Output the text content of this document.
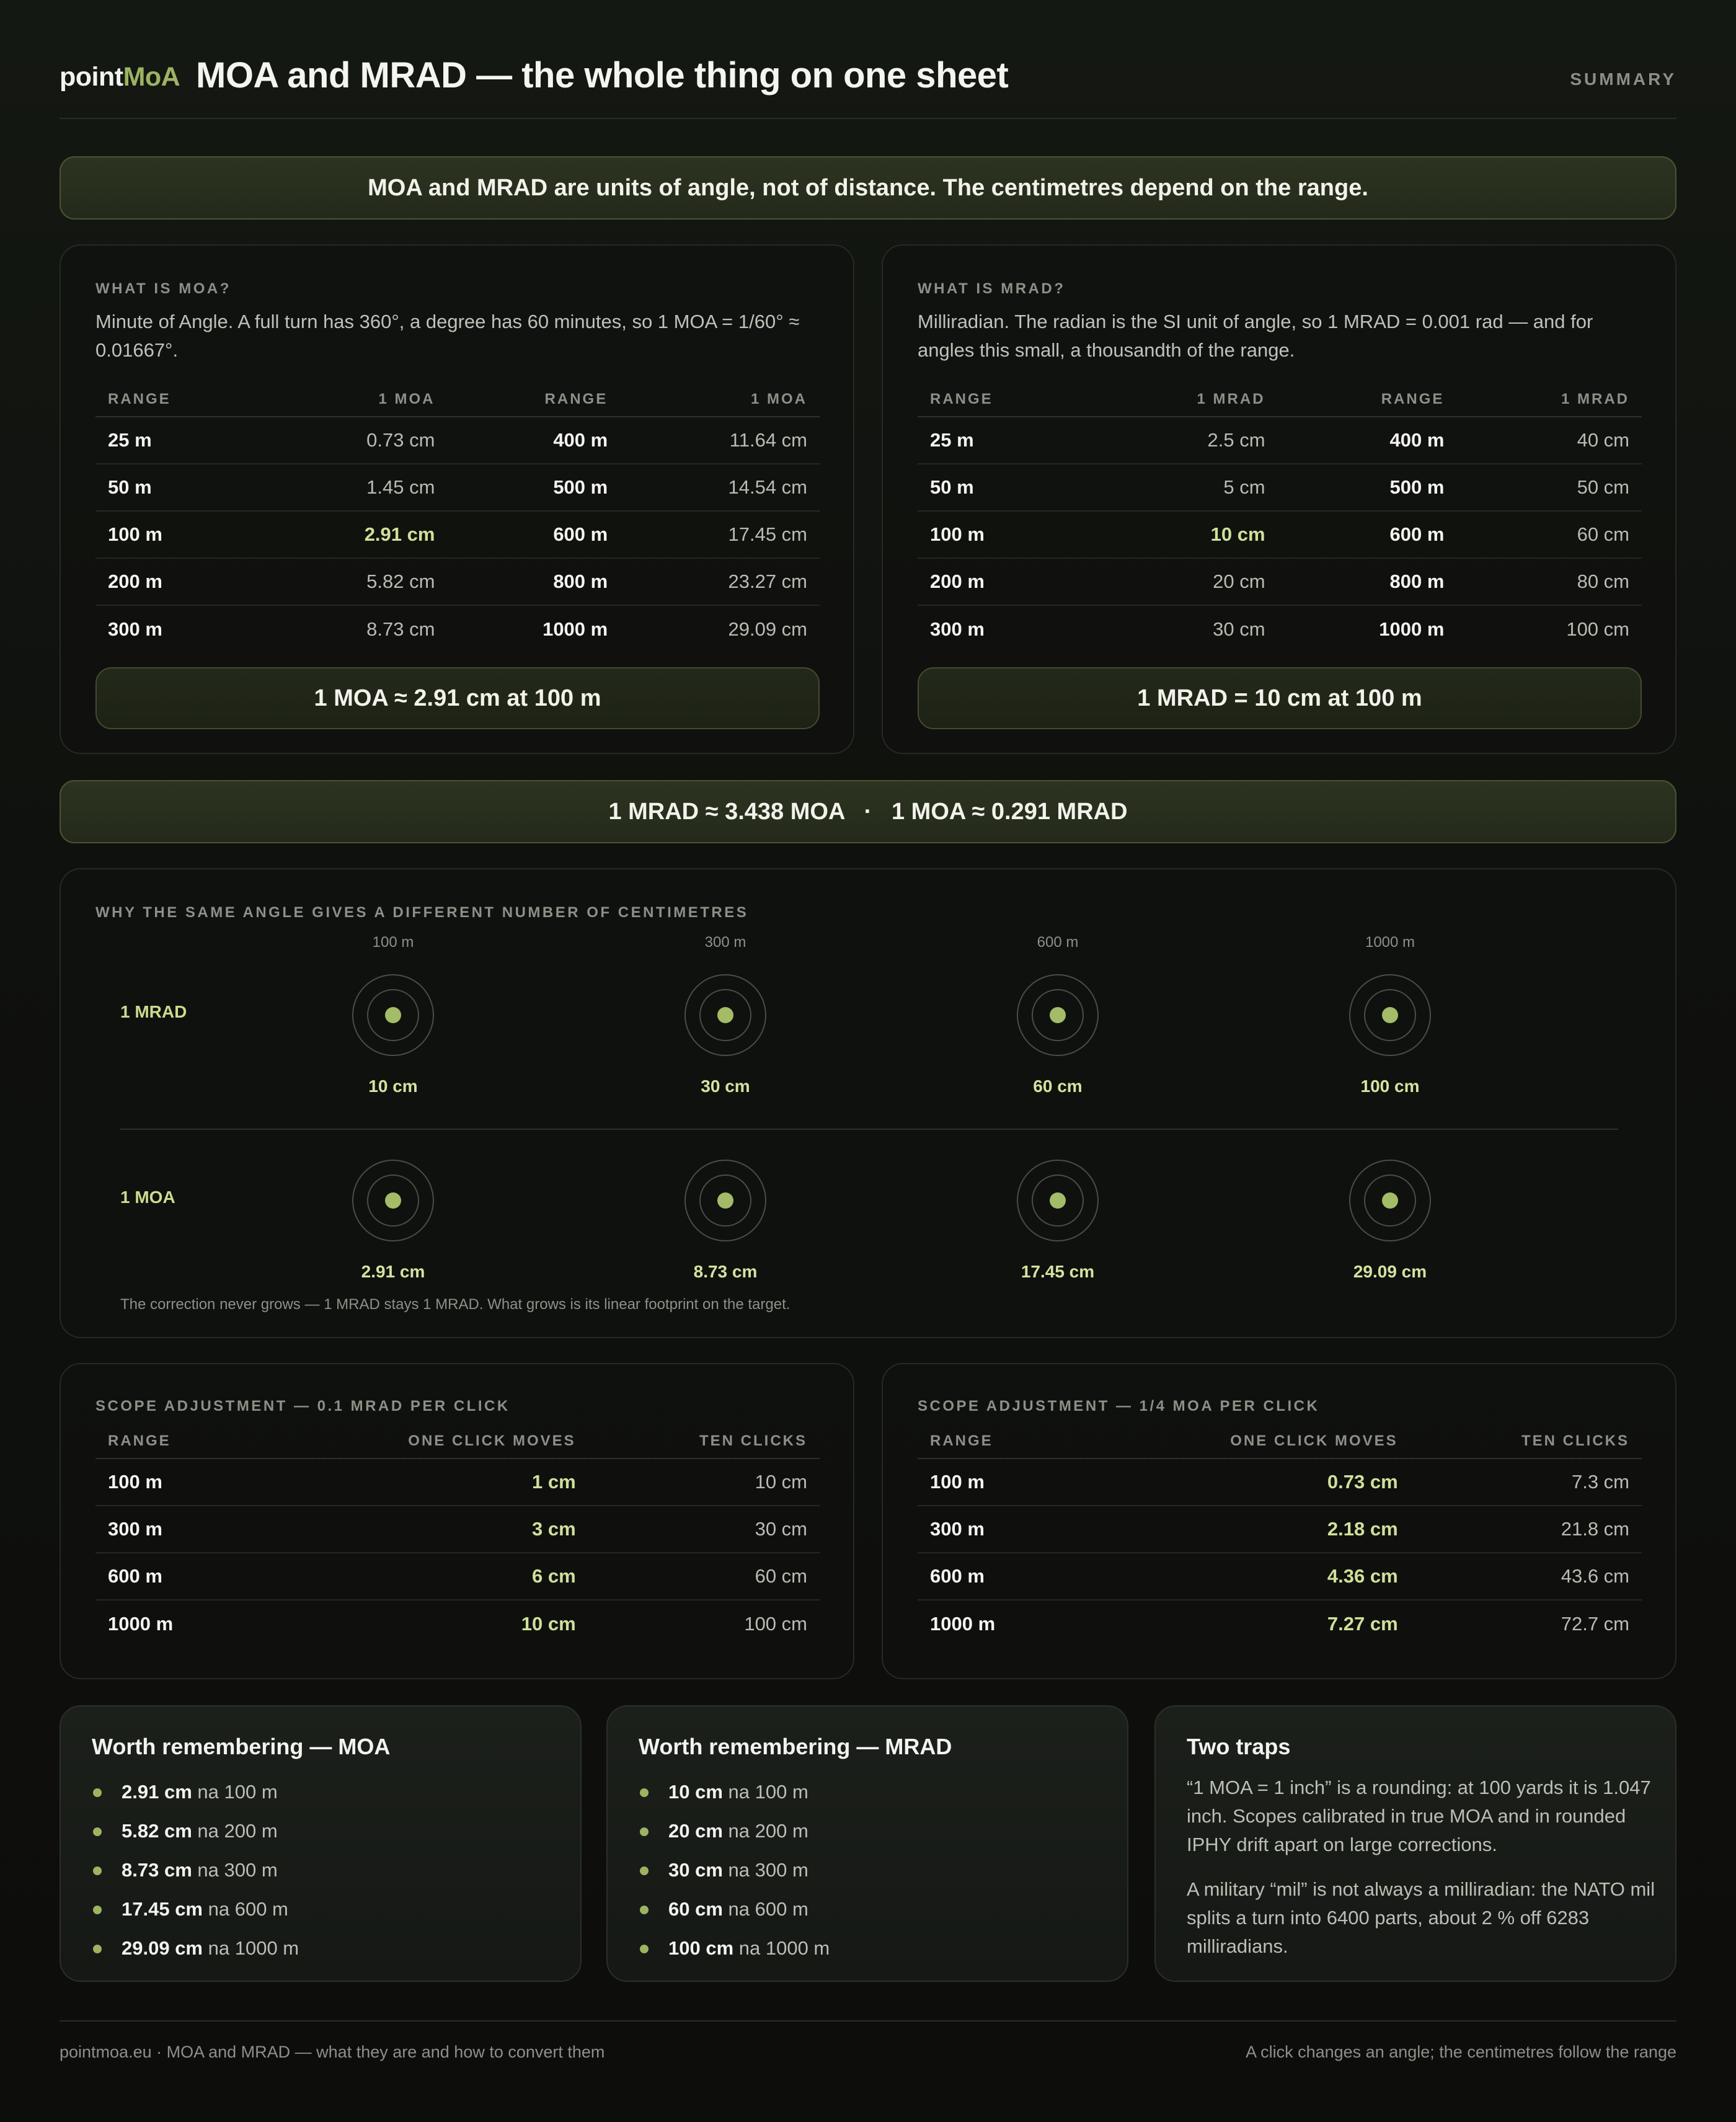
pointMoA MOA and MRAD — the whole thing on one sheet	SUMMARY
MOA and MRAD are units of angle, not of distance. The centimetres depend on the range.
WHAT IS MOA?
Minute of Angle. A full turn has 360°, a degree has 60 minutes, so 1 MOA = 1/60° ≈ 0.01667°.
RANGE	1 MOA	RANGE	1 MOA
25 m	0.73 cm	400 m	11.64 cm
50 m	1.45 cm	500 m	14.54 cm
100 m	2.91 cm	600 m	17.45 cm
200 m	5.82 cm	800 m	23.27 cm
300 m	8.73 cm	1000 m	29.09 cm
1 MOA ≈ 2.91 cm at 100 m
WHAT IS MRAD?
Milliradian. The radian is the SI unit of angle, so 1 MRAD = 0.001 rad — and for angles this small, a thousandth of the range.
RANGE	1 MRAD	RANGE	1 MRAD
25 m	2.5 cm	400 m	40 cm
50 m	5 cm	500 m	50 cm
100 m	10 cm	600 m	60 cm
200 m	20 cm	800 m	80 cm
300 m	30 cm	1000 m	100 cm
1 MRAD = 10 cm at 100 m
1 MRAD ≈ 3.438 MOA   ·   1 MOA ≈ 0.291 MRAD
WHY THE SAME ANGLE GIVES A DIFFERENT NUMBER OF CENTIMETRES
1 MRAD
1 MOA
The correction never grows — 1 MRAD stays 1 MRAD. What grows is its linear footprint on the target.
100 m	300 m	600 m	1000 m
10 cm	30 cm	60 cm	100 cm
2.91 cm	8.73 cm	17.45 cm	29.09 cm
SCOPE ADJUSTMENT — 0.1 MRAD PER CLICK
RANGE	ONE CLICK MOVES	TEN CLICKS
100 m	1 cm	10 cm
300 m	3 cm	30 cm
600 m	6 cm	60 cm
1000 m	10 cm	100 cm
SCOPE ADJUSTMENT — 1/4 MOA PER CLICK
RANGE	ONE CLICK MOVES	TEN CLICKS
100 m	0.73 cm	7.3 cm
300 m	2.18 cm	21.8 cm
600 m	4.36 cm	43.6 cm
1000 m	7.27 cm	72.7 cm
Worth remembering — MOA
2.91 cm na 100 m
5.82 cm na 200 m
8.73 cm na 300 m
17.45 cm na 600 m
29.09 cm na 1000 m
Worth remembering — MRAD
10 cm na 100 m
20 cm na 200 m
30 cm na 300 m
60 cm na 600 m
100 cm na 1000 m
Two traps
“1 MOA = 1 inch” is a rounding: at 100 yards it is 1.047 inch. Scopes calibrated in true MOA and in rounded IPHY drift apart on large corrections.
A military “mil” is not always a milliradian: the NATO mil splits a turn into 6400 parts, about 2 % off 6283 milliradians.
pointmoa.eu · MOA and MRAD — what they are and how to convert them	A click changes an angle; the centimetres follow the range
